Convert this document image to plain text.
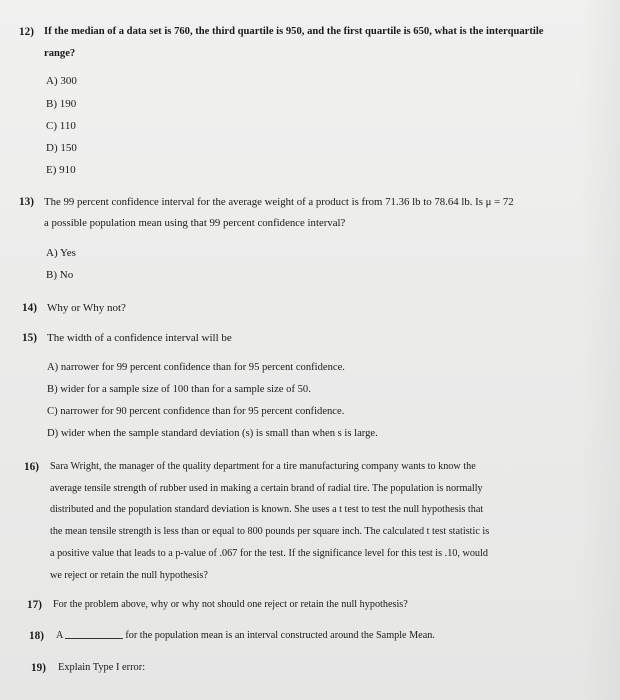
12) If the median of a data set is 760, the third quartile is 950, and the first quartile is 650, what is the interquartile
range?
A) 300
B) 190
C) 110
D) 150
E) 910
13) The 99 percent confidence interval for the average weight of a product is from 71.36 lb to 78.64 lb. Is μ = 72
a possible population mean using that 99 percent confidence interval?
A) Yes
B) No
14) Why or Why not?
15) The width of a confidence interval will be
A) narrower for 99 percent confidence than for 95 percent confidence.
B) wider for a sample size of 100 than for a sample size of 50.
C) narrower for 90 percent confidence than for 95 percent confidence.
D) wider when the sample standard deviation (s) is small than when s is large.
16) Sara Wright, the manager of the quality department for a tire manufacturing company wants to know the
average tensile strength of rubber used in making a certain brand of radial tire. The population is normally
distributed and the population standard deviation is known. She uses a t test to test the null hypothesis that
the mean tensile strength is less than or equal to 800 pounds per square inch. The calculated t test statistic is
a positive value that leads to a p-value of .067 for the test. If the significance level for this test is .10, would
we reject or retain the null hypothesis?
17) For the problem above, why or why not should one reject or retain the null hypothesis?
18) A	for the population mean is an interval constructed around the Sample Mean.
19) Explain Type I error:
